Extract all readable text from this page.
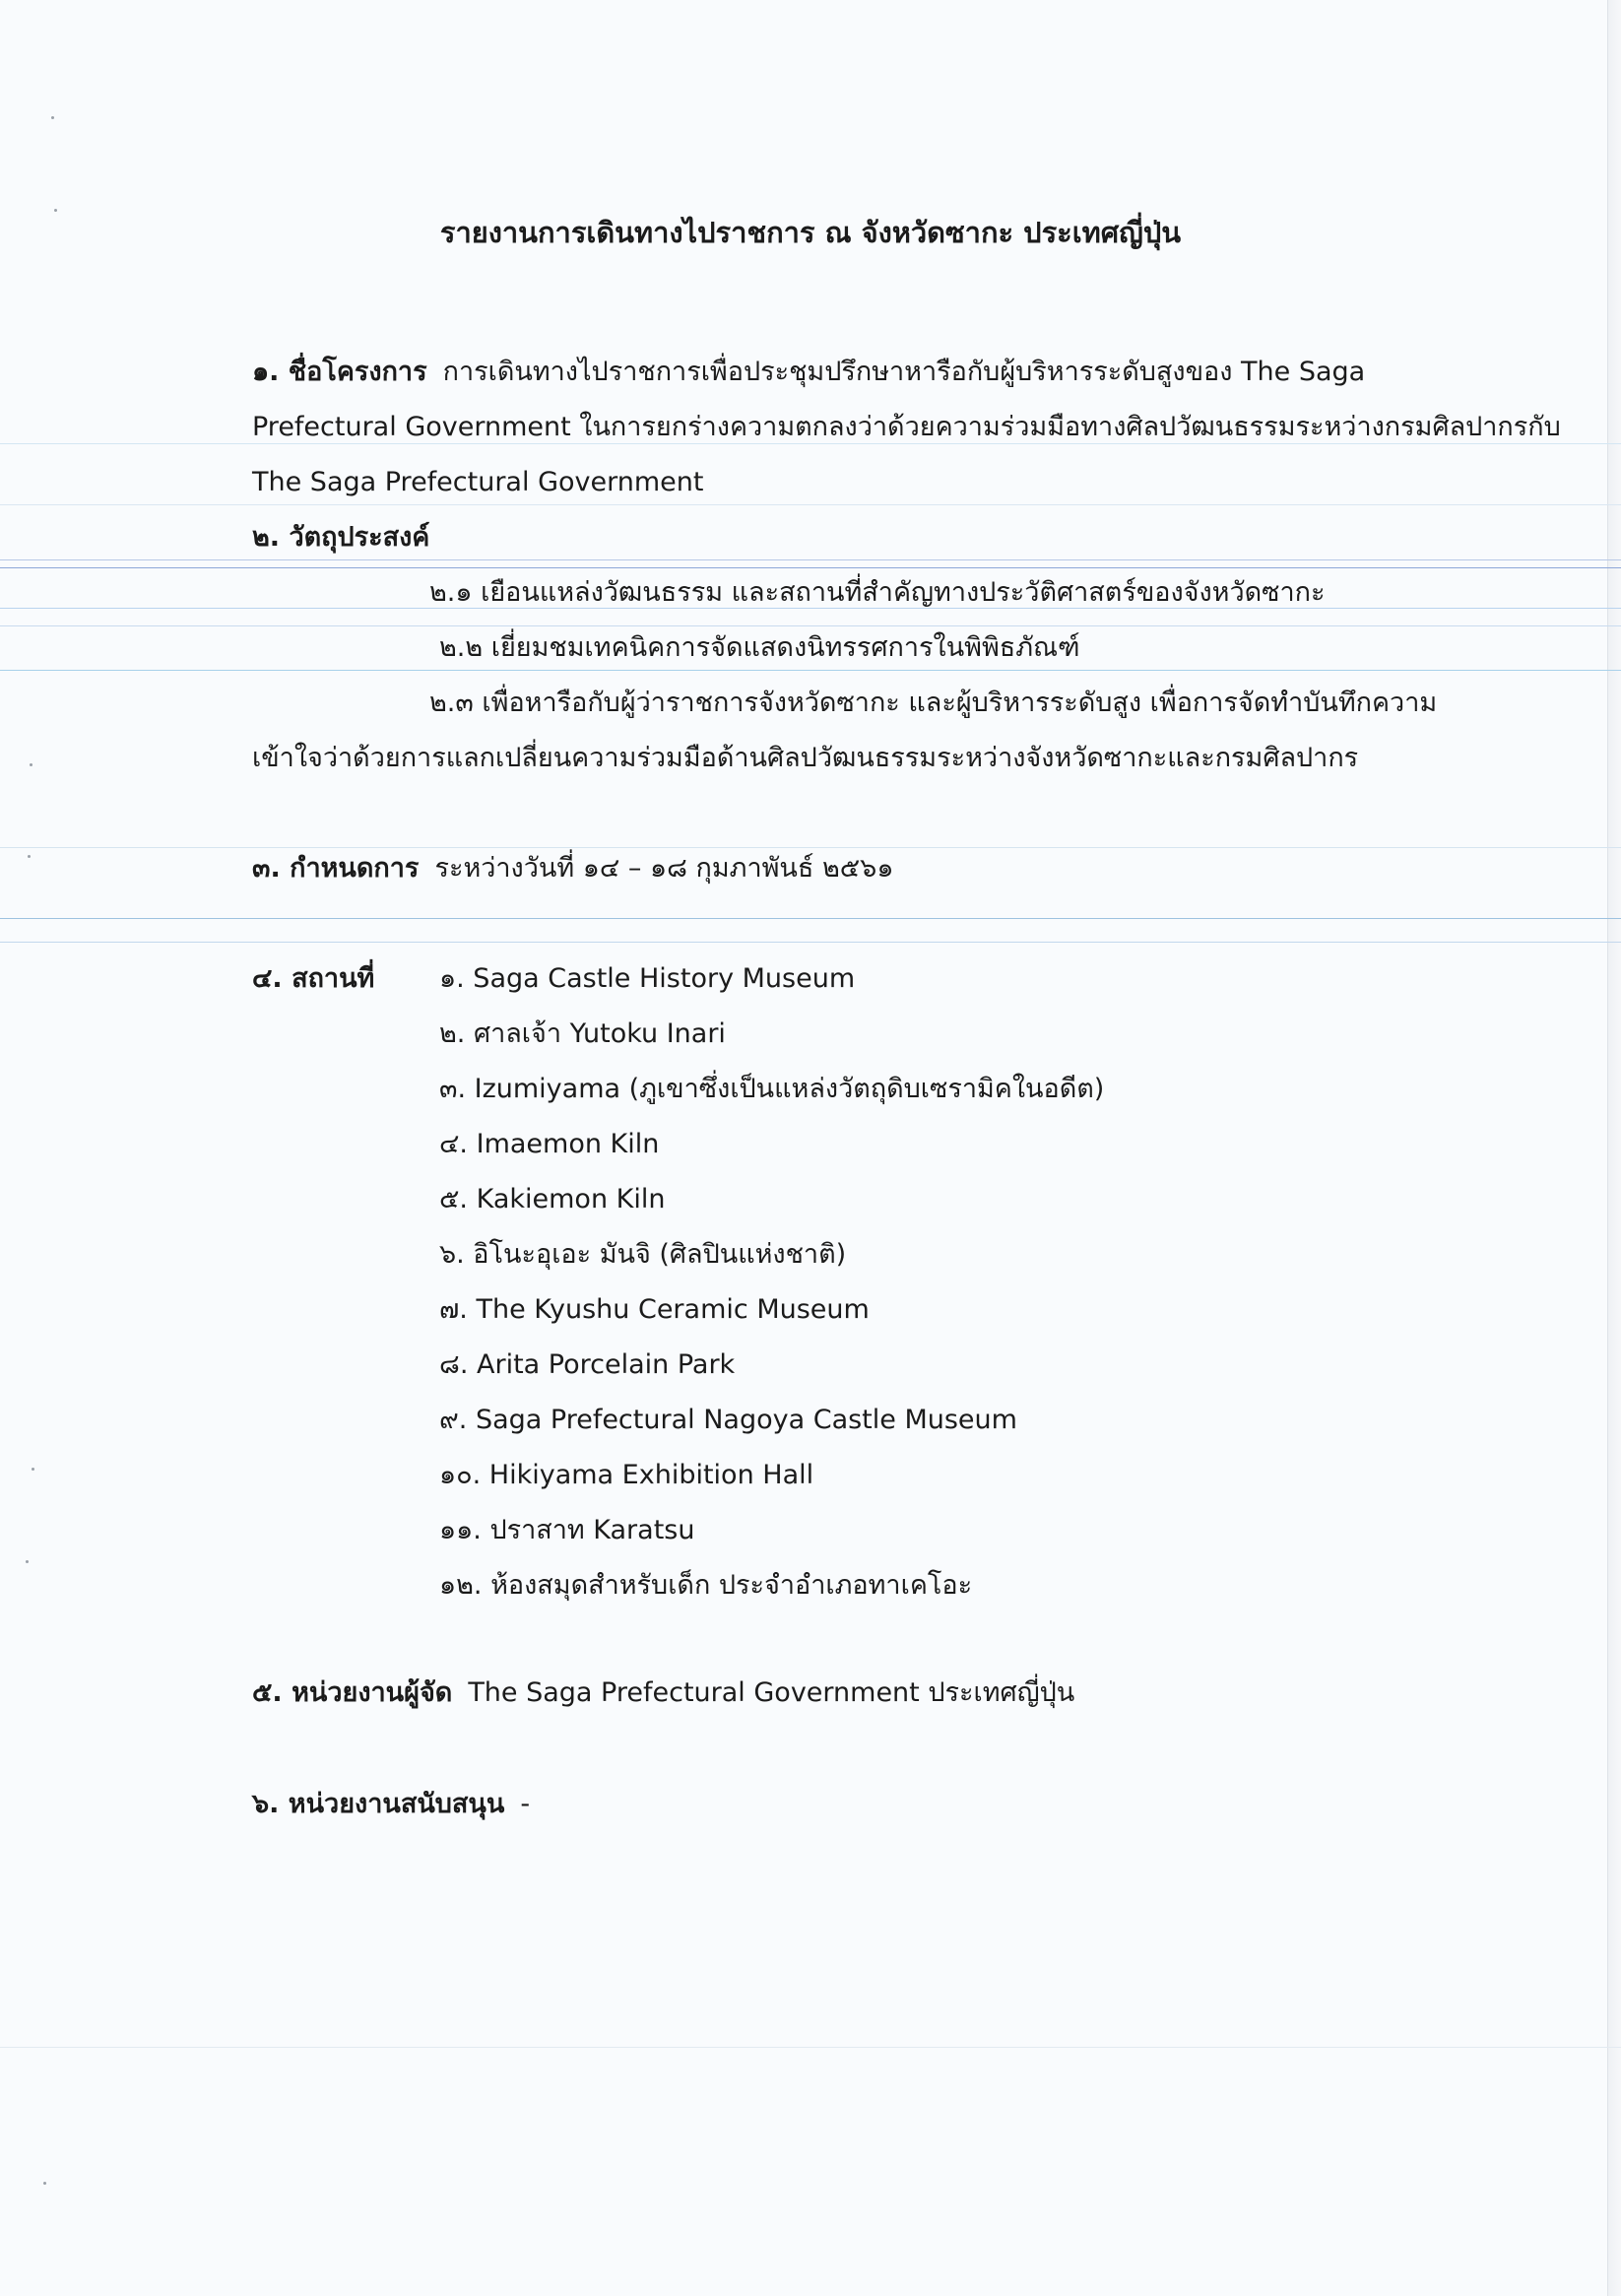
รายงานการเดินทางไปราชการ ณ จังหวัดซากะ ประเทศญี่ปุ่น
๑. ชื่อโครงการ การเดินทางไปราชการเพื่อประชุมปรึกษาหารือกับผู้บริหารระดับสูงของ The Saga
Prefectural Government ในการยกร่างความตกลงว่าด้วยความร่วมมือทางศิลปวัฒนธรรมระหว่างกรมศิลปากรกับ
The Saga Prefectural Government
๒. วัตถุประสงค์
๒.๑ เยือนแหล่งวัฒนธรรม และสถานที่สำคัญทางประวัติศาสตร์ของจังหวัดซากะ
๒.๒ เยี่ยมชมเทคนิคการจัดแสดงนิทรรศการในพิพิธภัณฑ์
๒.๓ เพื่อหารือกับผู้ว่าราชการจังหวัดซากะ และผู้บริหารระดับสูง เพื่อการจัดทำบันทึกความ
เข้าใจว่าด้วยการแลกเปลี่ยนความร่วมมือด้านศิลปวัฒนธรรมระหว่างจังหวัดซากะและกรมศิลปากร
๓. กำหนดการ ระหว่างวันที่ ๑๔ – ๑๘ กุมภาพันธ์ ๒๕๖๑
๔. สถานที่ ๑. Saga Castle History Museum
๒. ศาลเจ้า Yutoku Inari
๓. Izumiyama (ภูเขาซึ่งเป็นแหล่งวัตถุดิบเซรามิคในอดีต)
๔. Imaemon Kiln
๕. Kakiemon Kiln
๖. อิโนะอุเอะ มันจิ (ศิลปินแห่งชาติ)
๗. The Kyushu Ceramic Museum
๘. Arita Porcelain Park
๙. Saga Prefectural Nagoya Castle Museum
๑๐. Hikiyama Exhibition Hall
๑๑. ปราสาท Karatsu
๑๒. ห้องสมุดสำหรับเด็ก ประจำอำเภอทาเคโอะ
๕. หน่วยงานผู้จัด The Saga Prefectural Government ประเทศญี่ปุ่น
๖. หน่วยงานสนับสนุน -
